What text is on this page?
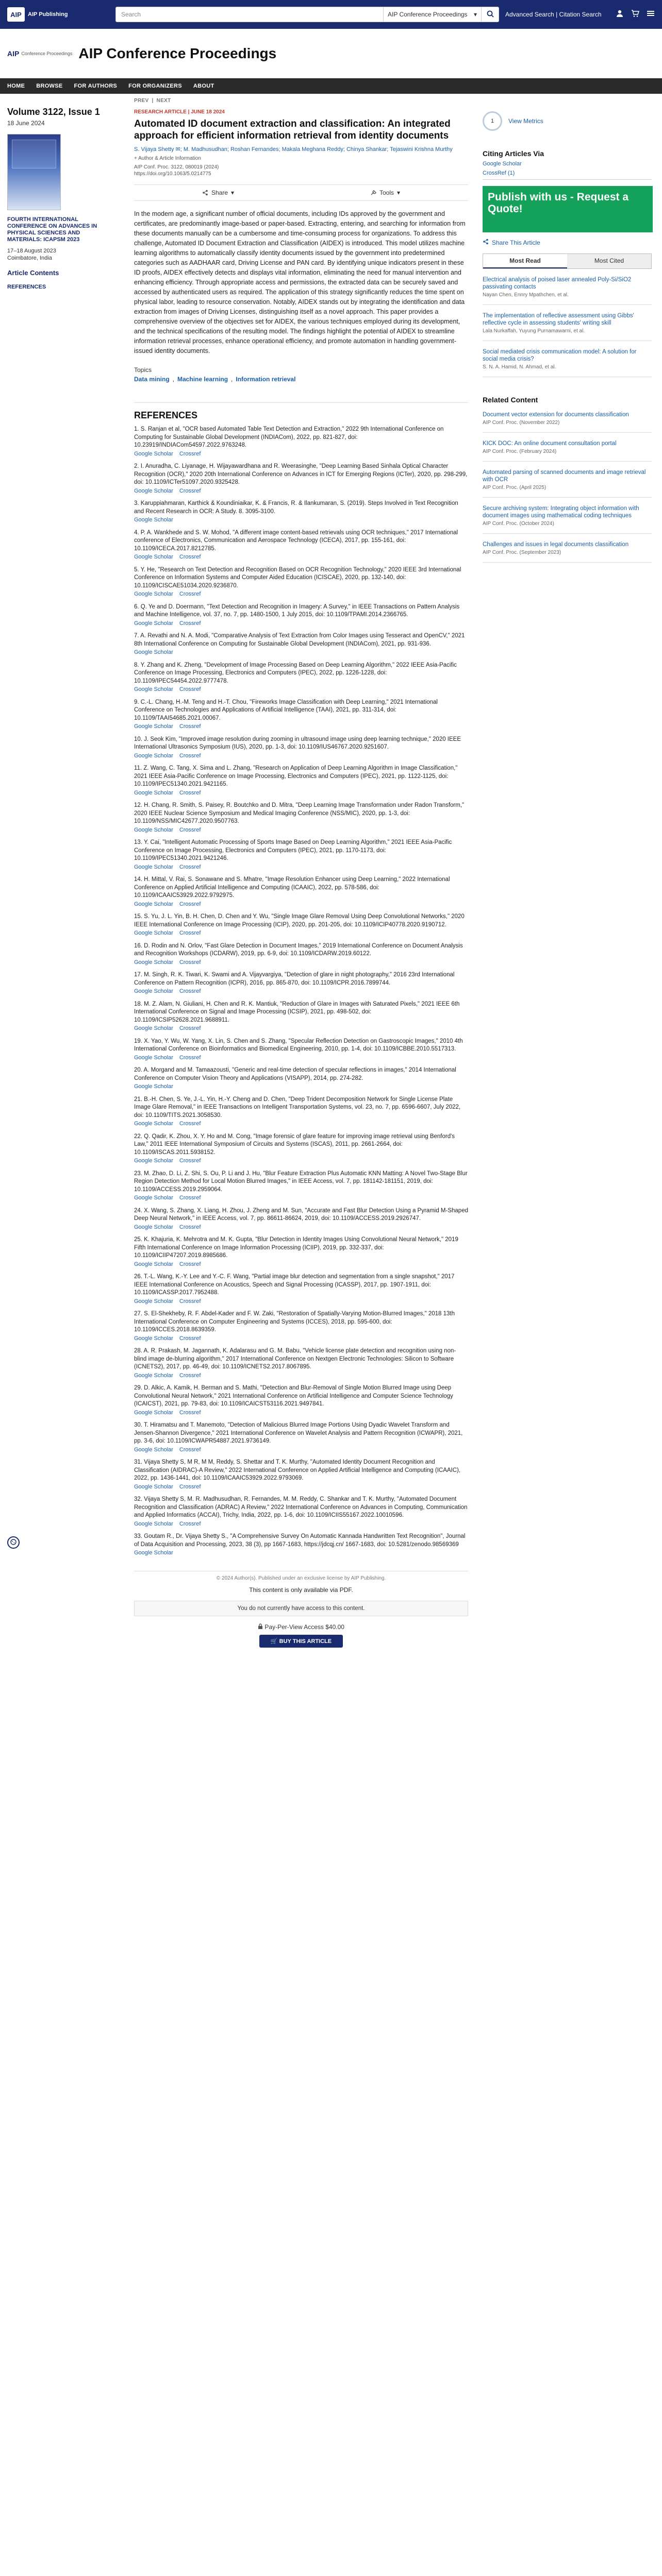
AIP	AIP Publishing	Search	AIP Conference Proceedings ▾	Advanced Search | Citation Search
AIP Conference Proceedings AIP Conference Proceedings
HOME BROWSE FOR AUTHORS FOR ORGANIZERS ABOUT
Volume 3122, Issue 1
18 June 2024
FOURTH INTERNATIONAL CONFERENCE ON ADVANCES IN PHYSICAL SCIENCES AND MATERIALS: ICAPSM 2023
17–18 August 2023
Coimbatore, India
Article Contents
REFERENCES
PREV | NEXT
RESEARCH ARTICLE | JUNE 18 2024
Automated ID document extraction and classification: An integrated approach for efficient information retrieval from identity documents
S. Vijaya Shetty ✉; M. Madhusudhan; Roshan Fernandes; Makala Meghana Reddy; Chinya Shankar; Tejaswini Krishna Murthy
+ Author & Article Information
AIP Conf. Proc. 3122, 080019 (2024)
https://doi.org/10.1063/5.0214775
Share ▾	Tools ▾
In the modern age, a significant number of official documents, including IDs approved by the government and certificates, are predominantly image-based or paper-based. Extracting, entering, and searching for information from these documents manually can be a cumbersome and time-consuming process for organizations. To address this challenge, Automated ID Document Extraction and Classification (AIDEX) is introduced. This model utilizes machine learning algorithms to automatically classify identity documents issued by the government into predetermined categories such as AADHAAR card, Driving License and PAN card. By identifying unique indicators present in these ID proofs, AIDEX effectively detects and displays vital information, eliminating the need for manual intervention and enhancing efficiency. Through appropriate access and permissions, the extracted data can be securely saved and accessed by authenticated users as required. The application of this strategy significantly reduces the time spent on physical labor, leading to resource conservation. Notably, AIDEX stands out by integrating the identification and data extraction from images of Driving Licenses, distinguishing itself as a novel approach. This paper provides a comprehensive overview of the objectives set for AIDEX, the various techniques employed during its development, and the technical specifications of the resulting model. The findings highlight the potential of AIDEX to streamline information retrieval processes, enhance operational efficiency, and promote automation in handling government-issued identity documents.
Topics
Data mining , Machine learning , Information retrieval
REFERENCES
1. S. Ranjan et al, "OCR based Automated Table Text Detection and Extraction," 2022 9th International Conference on Computing for Sustainable Global Development (INDIACom), 2022, pp. 821-827, doi: 10.23919/INDIACom54597.2022.9763248.
Google Scholar Crossref
2. I. Anuradha, C. Liyanage, H. Wijayawardhana and R. Weerasinghe, "Deep Learning Based Sinhala Optical Character Recognition (OCR)," 2020 20th International Conference on Advances in ICT for Emerging Regions (ICTer), 2020, pp. 298-299, doi: 10.1109/ICTer51097.2020.9325428.
Google Scholar Crossref
3. Karuppiahmaran, Karthick & Koundiniaikar, K. & Francis, R. & Ilankumaran, S. (2019). Steps Involved in Text Recognition and Recent Research in OCR: A Study. 8. 3095-3100.
Google Scholar
4. P. A. Wankhede and S. W. Mohod, "A different image content-based retrievals using OCR techniques," 2017 International conference of Electronics, Communication and Aerospace Technology (ICECA), 2017, pp. 155-161, doi: 10.1109/ICECA.2017.8212785.
Google Scholar Crossref
5. Y. He, "Research on Text Detection and Recognition Based on OCR Recognition Technology," 2020 IEEE 3rd International Conference on Information Systems and Computer Aided Education (ICISCAE), 2020, pp. 132-140, doi: 10.1109/ICISCAE51034.2020.9236870.
Google Scholar Crossref
6. Q. Ye and D. Doermann, "Text Detection and Recognition in Imagery: A Survey," in IEEE Transactions on Pattern Analysis and Machine Intelligence, vol. 37, no. 7, pp. 1480-1500, 1 July 2015, doi: 10.1109/TPAMI.2014.2366765.
Google Scholar Crossref
7. A. Revathi and N. A. Modi, "Comparative Analysis of Text Extraction from Color Images using Tesseract and OpenCV," 2021 8th International Conference on Computing for Sustainable Global Development (INDIACom), 2021, pp. 931-936.
Google Scholar
8. Y. Zhang and K. Zheng, "Development of Image Processing Based on Deep Learning Algorithm," 2022 IEEE Asia-Pacific Conference on Image Processing, Electronics and Computers (IPEC), 2022, pp. 1226-1228, doi: 10.1109/IPEC54454.2022.9777478.
Google Scholar Crossref
9. C.-L. Chang, H.-M. Teng and H.-T. Chou, "Fireworks Image Classification with Deep Learning," 2021 International Conference on Technologies and Applications of Artificial Intelligence (TAAI), 2021, pp. 311-314, doi: 10.1109/TAAI54685.2021.00067.
Google Scholar Crossref
10. J. Seok Kim, "Improved image resolution during zooming in ultrasound image using deep learning technique," 2020 IEEE International Ultrasonics Symposium (IUS), 2020, pp. 1-3, doi: 10.1109/IUS46767.2020.9251607.
Google Scholar Crossref
11. Z. Wang, C. Tang, X. Sima and L. Zhang, "Research on Application of Deep Learning Algorithm in Image Classification," 2021 IEEE Asia-Pacific Conference on Image Processing, Electronics and Computers (IPEC), 2021, pp. 1122-1125, doi: 10.1109/IPEC51340.2021.9421165.
Google Scholar Crossref
12. H. Chang, R. Smith, S. Paisey, R. Boutchko and D. Mitra, "Deep Learning Image Transformation under Radon Transform," 2020 IEEE Nuclear Science Symposium and Medical Imaging Conference (NSS/MIC), 2020, pp. 1-3, doi: 10.1109/NSS/MIC42677.2020.9507763.
Google Scholar Crossref
13. Y. Cai, "Intelligent Automatic Processing of Sports Image Based on Deep Learning Algorithm," 2021 IEEE Asia-Pacific Conference on Image Processing, Electronics and Computers (IPEC), 2021, pp. 1170-1173, doi: 10.1109/IPEC51340.2021.9421246.
Google Scholar Crossref
14. H. Mittal, V. Rai, S. Sonawane and S. Mhatre, "Image Resolution Enhancer using Deep Learning," 2022 International Conference on Applied Artificial Intelligence and Computing (ICAAIC), 2022, pp. 578-586, doi: 10.1109/ICAAIC53929.2022.9792975.
Google Scholar Crossref
15. S. Yu, J. L. Yin, B. H. Chen, D. Chen and Y. Wu, "Single Image Glare Removal Using Deep Convolutional Networks," 2020 IEEE International Conference on Image Processing (ICIP), 2020, pp. 201-205, doi: 10.1109/ICIP40778.2020.9190712.
Google Scholar Crossref
16. D. Rodin and N. Orlov, "Fast Glare Detection in Document Images," 2019 International Conference on Document Analysis and Recognition Workshops (ICDARW), 2019, pp. 6-9, doi: 10.1109/ICDARW.2019.60122.
Google Scholar Crossref
17. M. Singh, R. K. Tiwari, K. Swami and A. Vijayvargiya, "Detection of glare in night photography," 2016 23rd International Conference on Pattern Recognition (ICPR), 2016, pp. 865-870, doi: 10.1109/ICPR.2016.7899744.
Google Scholar Crossref
18. M. Z. Alam, N. Giuliani, H. Chen and R. K. Mantiuk, "Reduction of Glare in Images with Saturated Pixels," 2021 IEEE 6th International Conference on Signal and Image Processing (ICSIP), 2021, pp. 498-502, doi: 10.1109/ICSIP52628.2021.9688911.
Google Scholar Crossref
19. X. Yao, Y. Wu, W. Yang, X. Lin, S. Chen and S. Zhang, "Specular Reflection Detection on Gastroscopic Images," 2010 4th International Conference on Bioinformatics and Biomedical Engineering, 2010, pp. 1-4, doi: 10.1109/ICBBE.2010.5517313.
Google Scholar Crossref
20. A. Morgand and M. Tamaazousti, "Generic and real-time detection of specular reflections in images," 2014 International Conference on Computer Vision Theory and Applications (VISAPP), 2014, pp. 274-282.
Google Scholar
21. B.-H. Chen, S. Ye, J.-L. Yin, H.-Y. Cheng and D. Chen, "Deep Trident Decomposition Network for Single License Plate Image Glare Removal," in IEEE Transactions on Intelligent Transportation Systems, vol. 23, no. 7, pp. 6596-6607, July 2022, doi: 10.1109/TITS.2021.3058530.
Google Scholar Crossref
22. Q. Qadir, K. Zhou, X. Y. Ho and M. Cong, "Image forensic of glare feature for improving image retrieval using Benford's Law," 2011 IEEE International Symposium of Circuits and Systems (ISCAS), 2011, pp. 2661-2664, doi: 10.1109/ISCAS.2011.5938152.
Google Scholar Crossref
23. M. Zhao, D. Li, Z. Shi, S. Ou, P. Li and J. Hu, "Blur Feature Extraction Plus Automatic KNN Matting: A Novel Two-Stage Blur Region Detection Method for Local Motion Blurred Images," in IEEE Access, vol. 7, pp. 181142-181151, 2019, doi: 10.1109/ACCESS.2019.2959064.
Google Scholar Crossref
24. X. Wang, S. Zhang, X. Liang, H. Zhou, J. Zheng and M. Sun, "Accurate and Fast Blur Detection Using a Pyramid M-Shaped Deep Neural Network," in IEEE Access, vol. 7, pp. 86611-86624, 2019, doi: 10.1109/ACCESS.2019.2926747.
Google Scholar Crossref
25. K. Khajuria, K. Mehrotra and M. K. Gupta, "Blur Detection in Identity Images Using Convolutional Neural Network," 2019 Fifth International Conference on Image Information Processing (ICIIP), 2019, pp. 332-337, doi: 10.1109/ICIIP47207.2019.8985686.
Google Scholar Crossref
26. T.-L. Wang, K.-Y. Lee and Y.-C. F. Wang, "Partial image blur detection and segmentation from a single snapshot," 2017 IEEE International Conference on Acoustics, Speech and Signal Processing (ICASSP), 2017, pp. 1907-1911, doi: 10.1109/ICASSP.2017.7952488.
Google Scholar Crossref
27. S. El-Shekheby, R. F. Abdel-Kader and F. W. Zaki, "Restoration of Spatially-Varying Motion-Blurred Images," 2018 13th International Conference on Computer Engineering and Systems (ICCES), 2018, pp. 595-600, doi: 10.1109/ICCES.2018.8639359.
Google Scholar Crossref
28. A. R. Prakash, M. Jagannath, K. Adalarasu and G. M. Babu, "Vehicle license plate detection and recognition using non-blind image de-blurring algorithm," 2017 International Conference on Nextgen Electronic Technologies: Silicon to Software (ICNETS2), 2017, pp. 46-49, doi: 10.1109/ICNETS2.2017.8067895.
Google Scholar Crossref
29. D. Alkic, A. Kamik, H. Berman and S. Mathi, "Detection and Blur-Removal of Single Motion Blurred Image using Deep Convolutional Neural Network," 2021 International Conference on Artificial Intelligence and Computer Science Technology (ICAICST), 2021, pp. 79-83, doi: 10.1109/ICAICST53116.2021.9497841.
Google Scholar Crossref
30. T. Hiramatsu and T. Manemoto, "Detection of Malicious Blurred Image Portions Using Dyadic Wavelet Transform and Jensen-Shannon Divergence," 2021 International Conference on Wavelet Analysis and Pattern Recognition (ICWAPR), 2021, pp. 3-6, doi: 10.1109/ICWAPR54887.2021.9736149.
Google Scholar Crossref
31. Vijaya Shetty S, M R, M M, Reddy, S. Shettar and T. K. Murthy, "Automated Identity Document Recognition and Classification (AIDRAC)-A Review," 2022 International Conference on Applied Artificial Intelligence and Computing (ICAAIC), 2022, pp. 1436-1441, doi: 10.1109/ICAAIC53929.2022.9793069.
Google Scholar Crossref
32. Vijaya Shetty S, M. R. Madhusudhan, R. Fernandes, M. M. Reddy, C. Shankar and T. K. Murthy, "Automated Document Recognition and Classification (ADRAC) A Review," 2022 International Conference on Advances in Computing, Communication and Applied Informatics (ACCAI), Trichy, India, 2022, pp. 1-6, doi: 10.1109/ICIIS55167.2022.10010596.
Google Scholar Crossref
33. Goutam R., Dr. Vijaya Shetty S., "A Comprehensive Survey On Automatic Kannada Handwritten Text Recognition", Journal of Data Acquisition and Processing, 2023, 38 (3), pp 1667-1683, https://jdcqj.cn/ 1667-1683, doi: 10.5281/zenodo.98569369
Google Scholar
© 2024 Author(s). Published under an exclusive license by AIP Publishing.
This content is only available via PDF.
You do not currently have access to this content.
Pay-Per-View Access $40.00
🛒 BUY THIS ARTICLE
1	View Metrics
Citing Articles Via
Google Scholar
CrossRef (1)
Publish with us - Request a Quote!
Share This Article
Most Read	Most Cited
Electrical analysis of poised laser annealed Poly-Si/SiO2 passivating contacts
Nayan Chen, Ennry Mpathchen, et al.
The implementation of reflective assessment using Gibbs' reflective cycle in assessing students' writing skill
Lala Nurkaffah, Yuyung Purnamawarni, et al.
Social mediated crisis communication model: A solution for social media crisis?
S. N. A. Hamid, N. Ahmad, et al.
Related Content
Document vector extension for documents classification
AIP Conf. Proc. (November 2022)
KICK DOC: An online document consultation portal
AIP Conf. Proc. (February 2024)
Automated parsing of scanned documents and image retrieval with OCR
AIP Conf. Proc. (April 2025)
Secure archiving system: Integrating object information with document images using mathematical coding techniques
AIP Conf. Proc. (October 2024)
Challenges and issues in legal documents classification
AIP Conf. Proc. (September 2023)
